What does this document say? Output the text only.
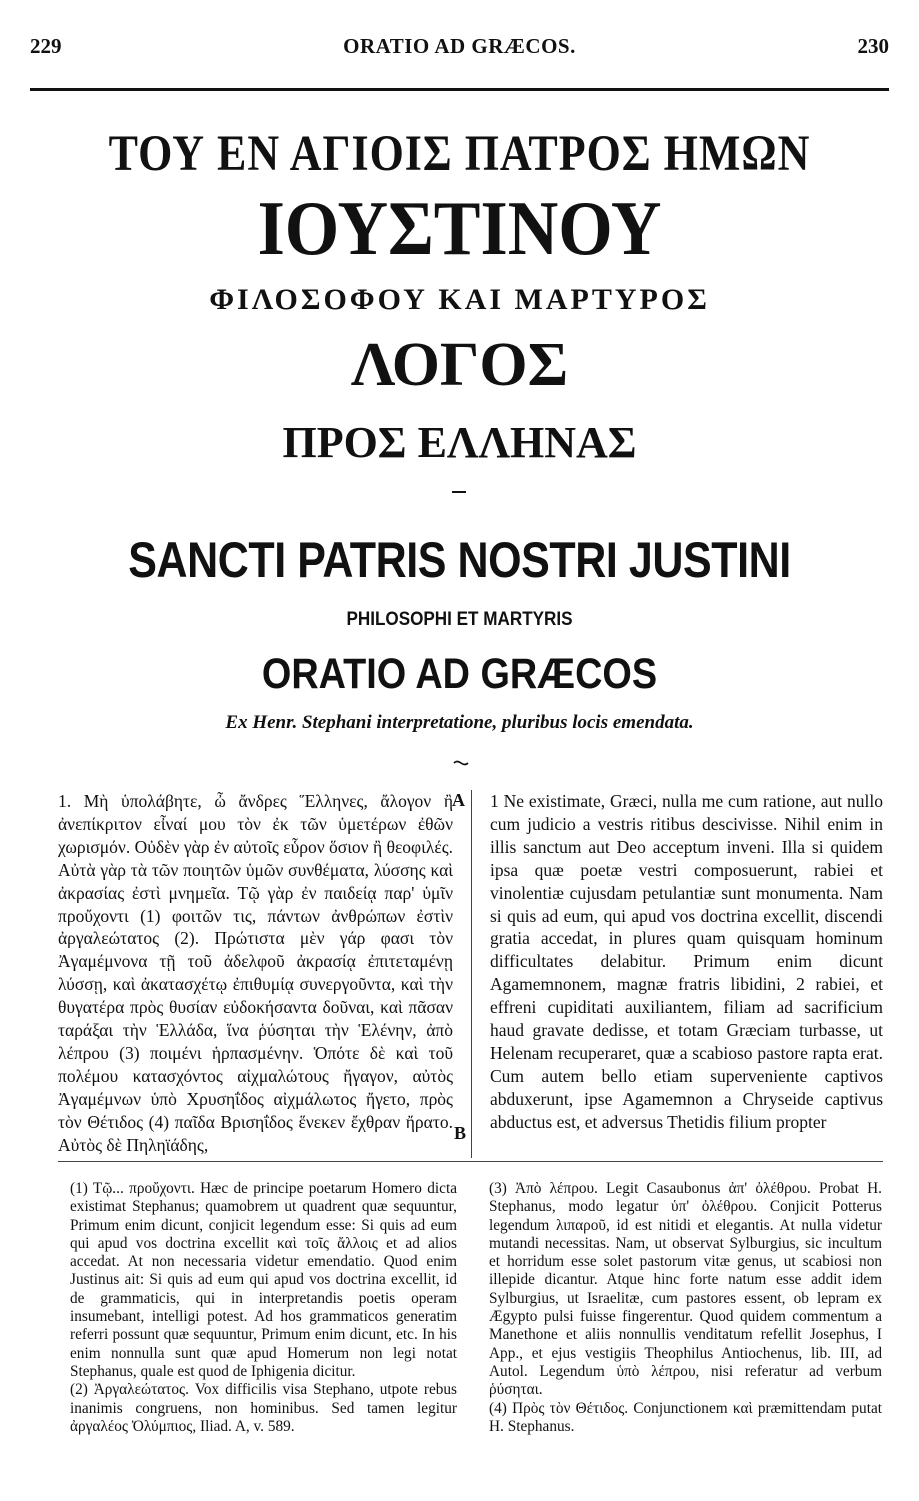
229	ORATIO AD GRÆCOS.	230
ΤΟΥ ΕΝ ΑΓΙΟΙΣ ΠΑΤΡΟΣ ΗΜΩΝ
ΙΟΥΣΤΙΝΟΥ
ΦΙΛΟΣΟΦΟΥ ΚΑΙ ΜΑΡΤΥΡΟΣ
ΛΟΓΟΣ
ΠΡΟΣ ΕΛΛΗΝΑΣ
SANCTI PATRIS NOSTRI JUSTINI
PHILOSOPHI ET MARTYRIS
ORATIO AD GRÆCOS
Ex Henr. Stephani interpretatione, pluribus locis emendata.
1. Μὴ ὑπολάβητε, ὦ ἄνδρες Ἕλληνες, ἄλογον ἢ ἀνεπίκριτον εἶναί μου τὸν ἐκ τῶν ὑμετέρων ἐθῶν χωρισμόν. Οὐδὲν γὰρ ἐν αὐτοῖς εὗρον ὅσιον ἢ θεοφιλές. Αὐτὰ γὰρ τὰ τῶν ποιητῶν ὑμῶν συνθέματα, λύσσης καὶ ἀκρασίας ἐστὶ μνημεῖα. Τῷ γὰρ ἐν παιδείᾳ παρ' ὑμῖν προὔχοντι (1) φοιτῶν τις, πάντων ἀνθρώπων ἐστὶν ἀργαλεώτατος (2). Πρώτιστα μὲν γάρ φασι τὸν Ἀγαμέμνονα τῇ τοῦ ἀδελφοῦ ἀκρασίᾳ ἐπιτεταμένῃ λύσσῃ, καὶ ἀκατασχέτῳ ἐπιθυμίᾳ συνεργοῦντα, καὶ τὴν θυγατέρα πρὸς θυσίαν εὐδοκήσαντα δοῦναι, καὶ πᾶσαν ταράξαι τὴν Ἑλλάδα, ἵνα ῥύσηται τὴν Ἑλένην, ἀπὸ λέπρου (3) ποιμένι ἡρπασμένην. Ὁπότε δὲ καὶ τοῦ πολέμου κατασχόντος αἰχμαλώτους ἤγαγον, αὐτὸς Ἀγαμέμνων ὑπὸ Χρυσηΐδος αἰχμάλωτος ἤγετο, πρὸς τὸν Θέτιδος (4) παῖδα Βρισηΐδος ἕνεκεν ἔχθραν ἤρατο. Αὐτὸς δὲ Πηληϊάδης,
A
B
1 Ne existimate, Græci, nulla me cum ratione, aut nullo cum judicio a vestris ritibus descivisse. Nihil enim in illis sanctum aut Deo acceptum inveni. Illa si quidem ipsa quæ poetæ vestri composuerunt, rabiei et vinolentiæ cujusdam petulantiæ sunt monumenta. Nam si quis ad eum, qui apud vos doctrina excellit, discendi gratia accedat, in plures quam quisquam hominum difficultates delabitur. Primum enim dicunt Agamemnonem, magnæ fratris libidini, 2 rabiei, et effreni cupiditati auxiliantem, filiam ad sacrificium haud gravate dedisse, et totam Græciam turbasse, ut Helenam recuperaret, quæ a scabioso pastore rapta erat. Cum autem bello etiam superveniente captivos abduxerunt, ipse Agamemnon a Chryseide captivus abductus est, et adversus Thetidis filium propter

(1) Τῷ... προὔχοντι. Hæc de principe poetarum Homero dicta existimat Stephanus; quamobrem ut quadrent quæ sequuntur, Primum enim dicunt, conjicit legendum esse: Si quis ad eum qui apud vos doctrina excellit καὶ τοῖς ἄλλοις et ad alios accedat. At non necessaria videtur emendatio. Quod enim Justinus ait: Si quis ad eum qui apud vos doctrina excellit, id de grammaticis, qui in interpretandis poetis operam insumebant, intelligi potest. Ad hos grammaticos generatim referri possunt quæ sequuntur, Primum enim dicunt, etc. In his enim nonnulla sunt quæ apud Homerum non legi notat Stephanus, quale est quod de Iphigenia dicitur.

(2) Ἀργαλεώτατος. Vox difficilis visa Stephano, utpote rebus inanimis congruens, non hominibus. Sed tamen legitur ἀργαλέος Ὀλύμπιος, Iliad. A, v. 589.

(3) Ἀπὸ λέπρου. Legit Casaubonus ἀπ' ὀλέθρου. Probat H. Stephanus, modo legatur ὑπ' ὀλέθρου. Conjicit Potterus legendum λιπαροῦ, id est nitidi et elegantis. At nulla videtur mutandi necessitas. Nam, ut observat Sylburgius, sic incultum et horridum esse solet pastorum vitæ genus, ut scabiosi non illepide dicantur. Atque hinc forte natum esse addit idem Sylburgius, ut Israelitæ, cum pastores essent, ob lepram ex Ægypto pulsi fuisse fingerentur. Quod quidem commentum a Manethone et aliis nonnullis venditatum refellit Josephus, I App., et ejus vestigiis Theophilus Antiochenus, lib. III, ad Autol. Legendum ὑπὸ λέπρου, nisi referatur ad verbum ῥύσηται.

(4) Πρὸς τὸν Θέτιδος. Conjunctionem καὶ præmittendam putat H. Stephanus.
